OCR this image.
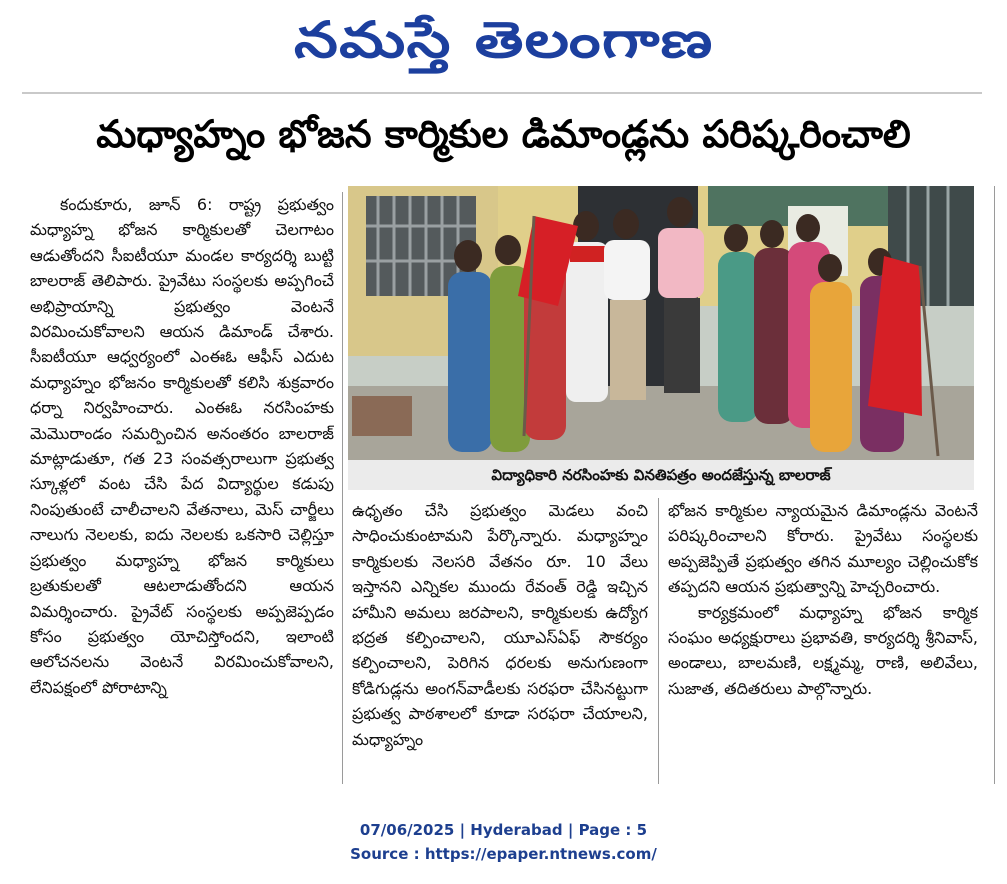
నమస్తే తెలంగాణ
మధ్యాహ్నం భోజన కార్మికుల డిమాండ్లను పరిష్కరించాలి

కందుకూరు, జూన్ 6: రాష్ట్ర ప్రభుత్వం మధ్యాహ్న భోజన కార్మికులతో చెలగాటం ఆడుతోందని సీఐటీయూ మండల కార్యదర్శి బుట్టి బాలరాజ్ తెలిపారు. ప్రైవేటు సంస్థలకు అప్పగించే అభిప్రాయాన్ని ప్రభుత్వం వెంటనే విరమించుకోవాలని ఆయన డిమాండ్ చేశారు. సీఐటీయూ ఆధ్వర్యంలో ఎంఈఓ ఆఫీస్ ఎదుట మధ్యాహ్నం భోజనం కార్మికులతో కలిసి శుక్రవారం ధర్నా నిర్వహించారు. ఎంఈఓ నరసింహకు మెమొరాండం సమర్పించిన అనంతరం బాలరాజ్ మాట్లాడుతూ, గత 23 సంవత్సరాలుగా ప్రభుత్వ స్కూళ్లలో వంట చేసి పేద విద్యార్థుల కడుపు నింపుతుంటే చాలీచాలని వేతనాలు, మెస్ చార్జీలు నాలుగు నెలలకు, ఐదు నెలలకు ఒకసారి చెల్లిస్తూ ప్రభుత్వం మధ్యాహ్న భోజన కార్మికులు బ్రతుకులతో ఆటలాడుతోందని ఆయన విమర్శించారు. ప్రైవేట్ సంస్థలకు అప్పజెప్పడం కోసం ప్రభుత్వం యోచిస్తోందని, ఇలాంటి ఆలోచనలను వెంటనే విరమించుకోవాలని, లేనిపక్షంలో పోరాటాన్ని

విద్యాధికారి నరసింహకు వినతిపత్రం అందజేస్తున్న బాలరాజ్

ఉధృతం చేసి ప్రభుత్వం మెడలు వంచి సాధించుకుంటామని పేర్కొన్నారు. మధ్యాహ్నం కార్మికులకు నెలసరి వేతనం రూ. 10 వేలు ఇస్తానని ఎన్నికల ముందు రేవంత్ రెడ్డి ఇచ్చిన హామీని అమలు జరపాలని, కార్మికులకు ఉద్యోగ భద్రత కల్పించాలని, యూఎస్ఏఫ్ సౌకర్యం కల్పించాలని, పెరిగిన ధరలకు అనుగుణంగా కోడిగుడ్లను అంగన్‌వాడీలకు సరఫరా చేసినట్టుగా ప్రభుత్వ పాఠశాలలో కూడా సరఫరా చేయాలని, మధ్యాహ్నం

భోజన కార్మికుల న్యాయమైన డిమాండ్లను వెంటనే పరిష్కరించాలని కోరారు. ప్రైవేటు సంస్థలకు అప్పజెప్పితే ప్రభుత్వం తగిన మూల్యం చెల్లించుకోక తప్పదని ఆయన ప్రభుత్వాన్ని హెచ్చరించారు.

కార్యక్రమంలో మధ్యాహ్న భోజన కార్మిక సంఘం అధ్యక్షురాలు ప్రభావతి, కార్యదర్శి శ్రీనివాస్, అండాలు, బాలమణి, లక్ష్మమ్మ, రాణి, అలివేలు, సుజాత, తదితరులు పాల్గొన్నారు.

07/06/2025 | Hyderabad | Page : 5
Source : https://epaper.ntnews.com/
